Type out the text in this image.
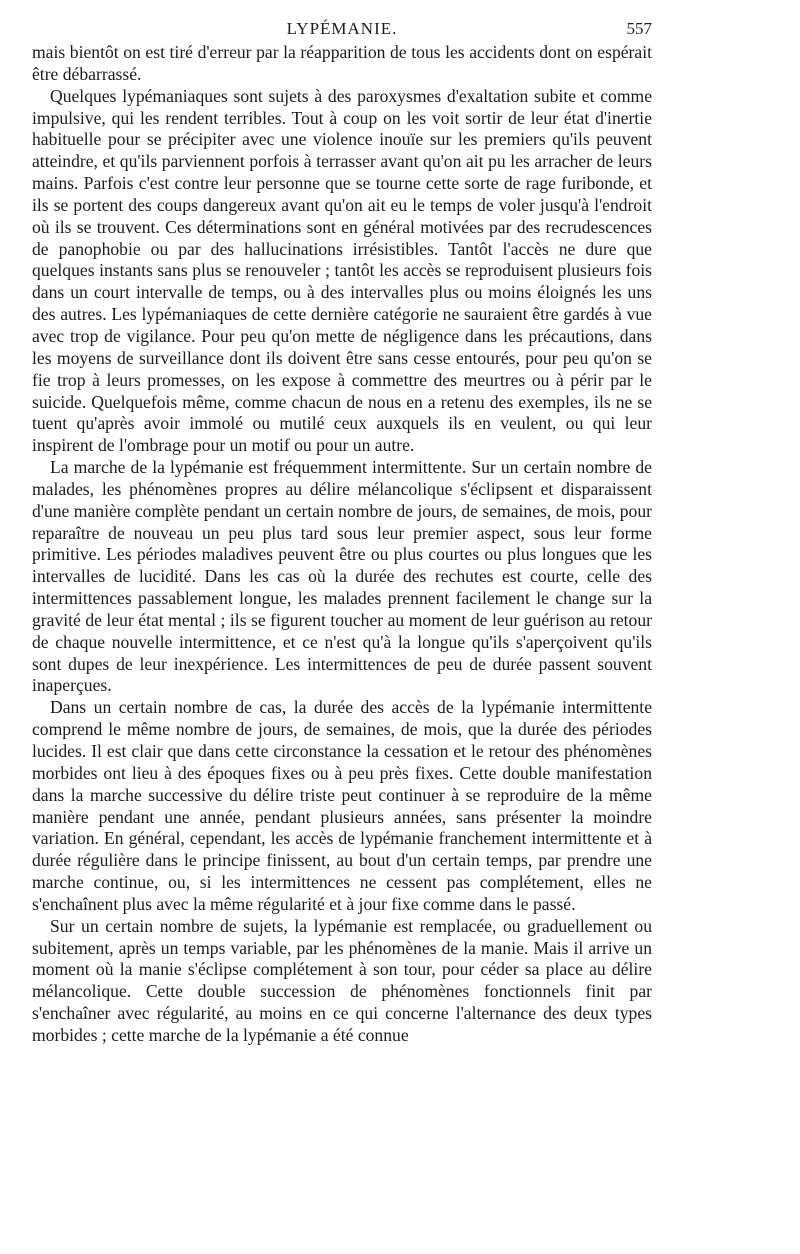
LYPÉMANIE.	557

mais bientôt on est tiré d'erreur par la réapparition de tous les accidents dont on espérait être débarrassé.

Quelques lypémaniaques sont sujets à des paroxysmes d'exaltation subite et comme impulsive, qui les rendent terribles. Tout à coup on les voit sortir de leur état d'inertie habituelle pour se précipiter avec une violence inouïe sur les premiers qu'ils peuvent atteindre, et qu'ils parviennent porfois à terrasser avant qu'on ait pu les arracher de leurs mains. Parfois c'est contre leur personne que se tourne cette sorte de rage furibonde, et ils se portent des coups dangereux avant qu'on ait eu le temps de voler jusqu'à l'endroit où ils se trouvent. Ces déterminations sont en général motivées par des recrudescences de panophobie ou par des hallucinations irrésistibles. Tantôt l'accès ne dure que quelques instants sans plus se renouveler ; tantôt les accès se reproduisent plusieurs fois dans un court intervalle de temps, ou à des intervalles plus ou moins éloignés les uns des autres. Les lypémaniaques de cette dernière catégorie ne sauraient être gardés à vue avec trop de vigilance. Pour peu qu'on mette de négligence dans les précautions, dans les moyens de surveillance dont ils doivent être sans cesse entourés, pour peu qu'on se fie trop à leurs promesses, on les expose à commettre des meurtres ou à périr par le suicide. Quelquefois même, comme chacun de nous en a retenu des exemples, ils ne se tuent qu'après avoir immolé ou mutilé ceux auxquels ils en veulent, ou qui leur inspirent de l'ombrage pour un motif ou pour un autre.

La marche de la lypémanie est fréquemment intermittente. Sur un certain nombre de malades, les phénomènes propres au délire mélancolique s'éclipsent et disparaissent d'une manière complète pendant un certain nombre de jours, de semaines, de mois, pour reparaître de nouveau un peu plus tard sous leur premier aspect, sous leur forme primitive. Les périodes maladives peuvent être ou plus courtes ou plus longues que les intervalles de lucidité. Dans les cas où la durée des rechutes est courte, celle des intermittences passablement longue, les malades prennent facilement le change sur la gravité de leur état mental ; ils se figurent toucher au moment de leur guérison au retour de chaque nouvelle intermittence, et ce n'est qu'à la longue qu'ils s'aperçoivent qu'ils sont dupes de leur inexpérience. Les intermittences de peu de durée passent souvent inaperçues.

Dans un certain nombre de cas, la durée des accès de la lypémanie intermittente comprend le même nombre de jours, de semaines, de mois, que la durée des périodes lucides. Il est clair que dans cette circonstance la cessation et le retour des phénomènes morbides ont lieu à des époques fixes ou à peu près fixes. Cette double manifestation dans la marche successive du délire triste peut continuer à se reproduire de la même manière pendant une année, pendant plusieurs années, sans présenter la moindre variation. En général, cependant, les accès de lypémanie franchement intermittente et à durée régulière dans le principe finissent, au bout d'un certain temps, par prendre une marche continue, ou, si les intermittences ne cessent pas complétement, elles ne s'enchaînent plus avec la même régularité et à jour fixe comme dans le passé.

Sur un certain nombre de sujets, la lypémanie est remplacée, ou graduellement ou subitement, après un temps variable, par les phénomènes de la manie. Mais il arrive un moment où la manie s'éclipse complétement à son tour, pour céder sa place au délire mélancolique. Cette double succession de phénomènes fonctionnels finit par s'enchaîner avec régularité, au moins en ce qui concerne l'alternance des deux types morbides ; cette marche de la lypémanie a été connue
